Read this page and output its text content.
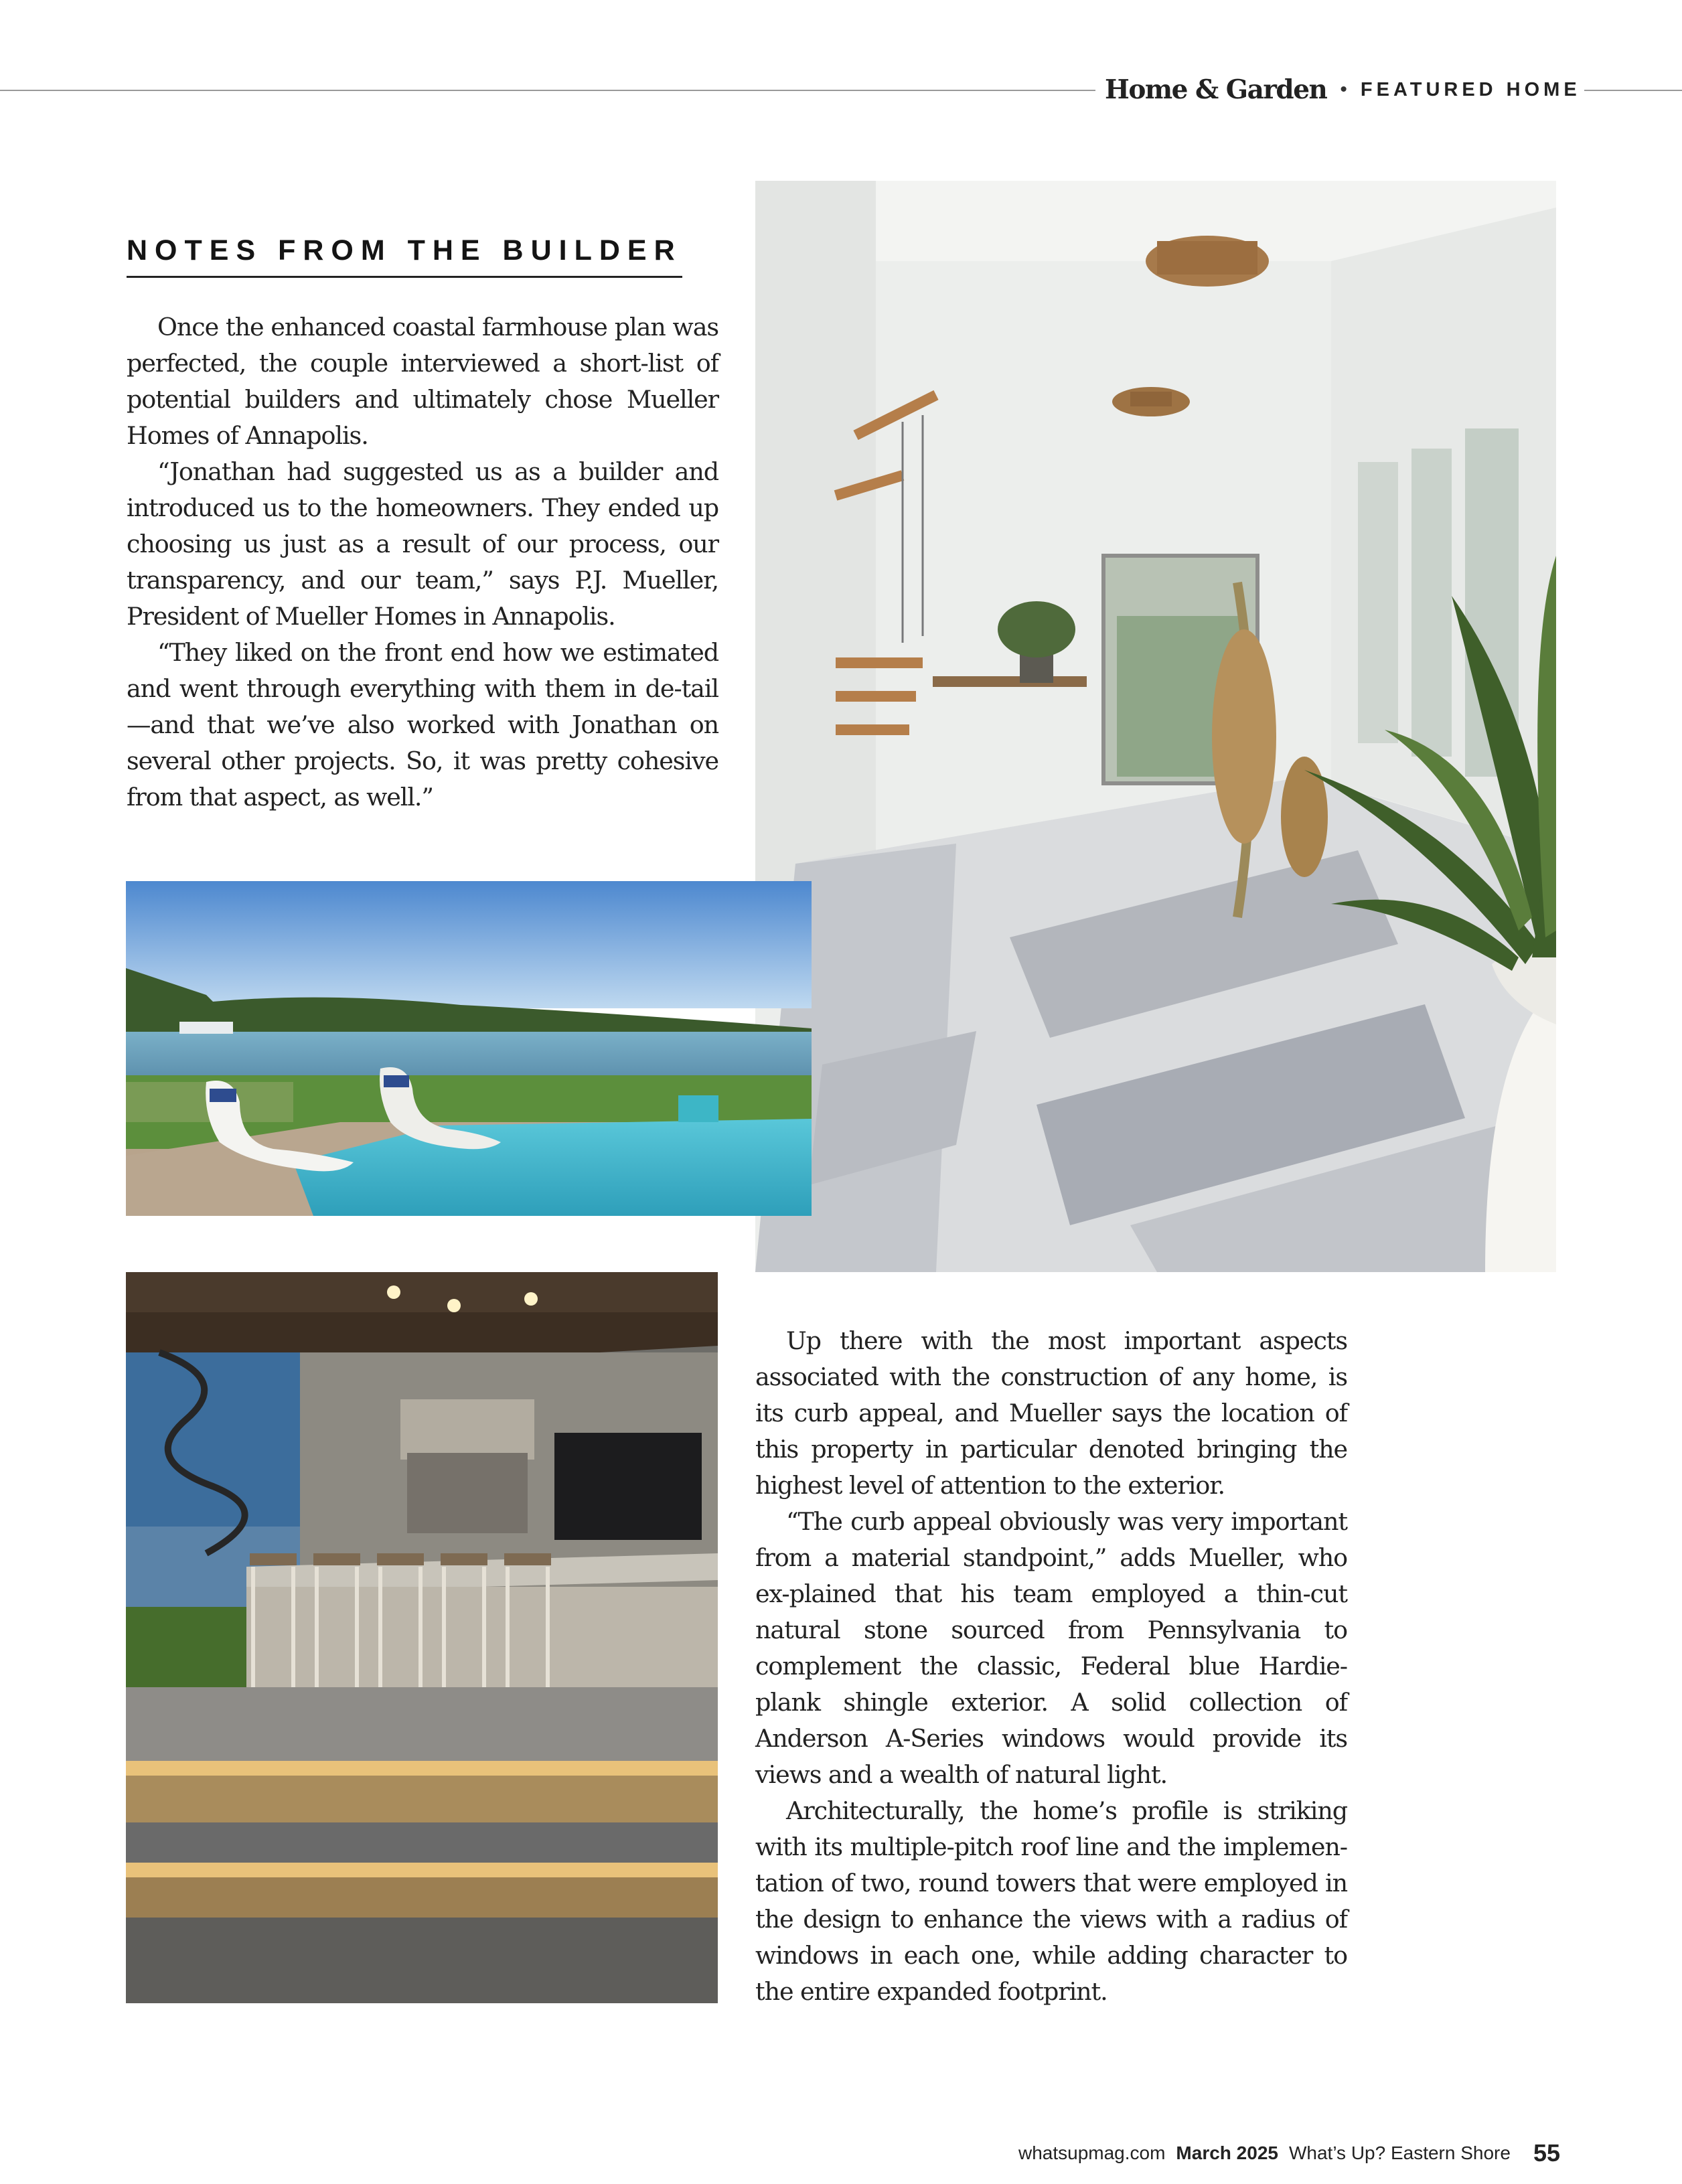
Home & Garden • FEATURED HOME
NOTES FROM THE BUILDER

Once the enhanced coastal farmhouse plan was perfected, the couple interviewed a short-list of potential builders and ultimately chose Mueller Homes of Annapolis.

“Jonathan had suggested us as a builder and introduced us to the homeowners. They ended up choosing us just as a result of our process, our transparency, and our team,” says P.J. Mueller, President of Mueller Homes in Annapolis.

“They liked on the front end how we estimated and went through everything with them in de-tail—and that we’ve also worked with Jonathan on several other projects. So, it was pretty cohesive from that aspect, as well.”

Up there with the most important aspects associated with the construction of any home, is its curb appeal, and Mueller says the location of this property in particular denoted bringing the highest level of attention to the exterior.

“The curb appeal obviously was very important from a material standpoint,” adds Mueller, who ex-plained that his team employed a thin-cut natural stone sourced from Pennsylvania to complement the classic, Federal blue Hardie-plank shingle exterior. A solid collection of Anderson A-Series windows would provide its views and a wealth of natural light.

Architecturally, the home’s profile is striking with its multiple-pitch roof line and the implemen-tation of two, round towers that were employed in the design to enhance the views with a radius of windows in each one, while adding character to the entire expanded footprint.

whatsupmag.com March 2025 What’s Up? Eastern Shore 55
